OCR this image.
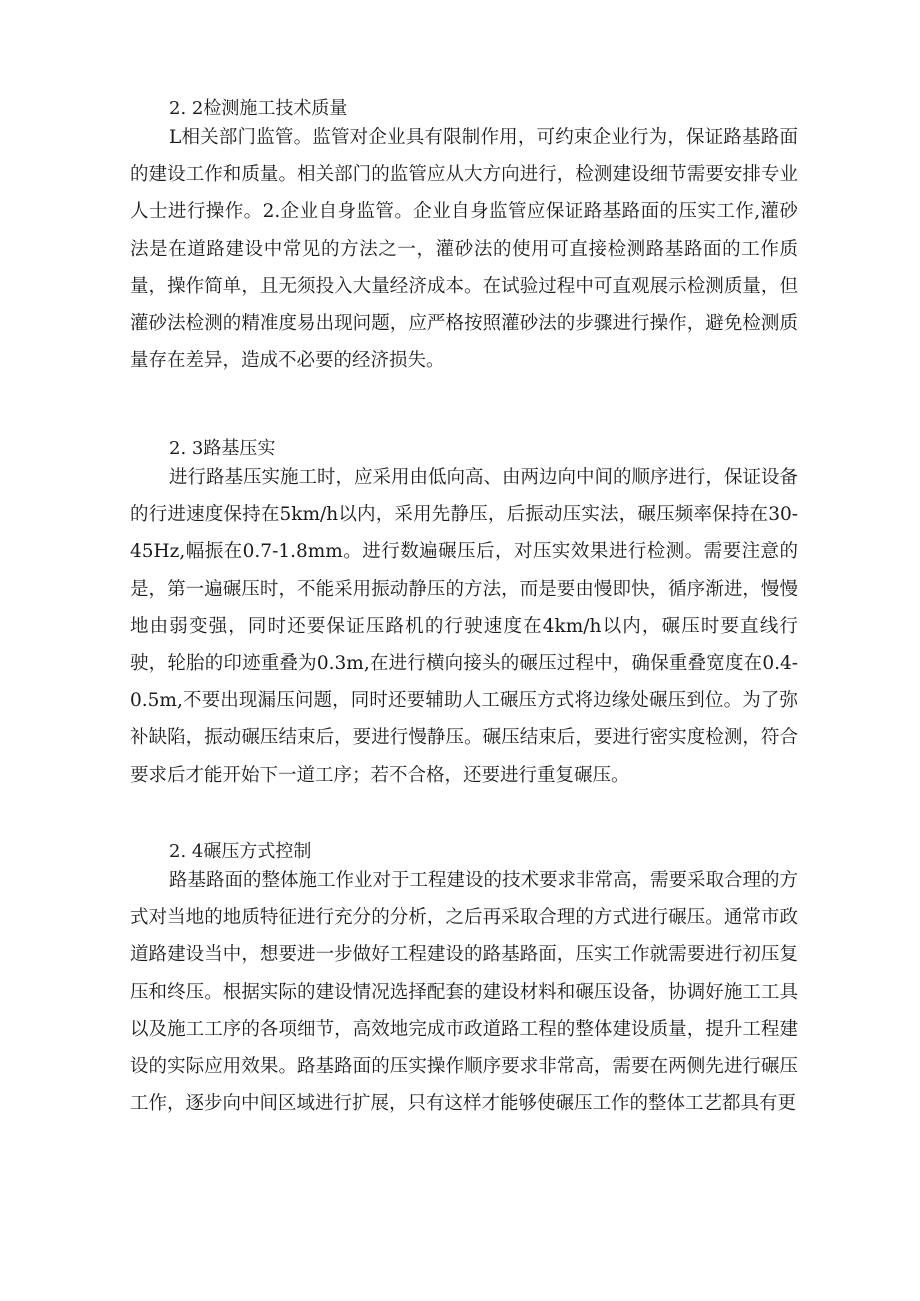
2. 2检测施工技术质量
L相关部门监管。监管对企业具有限制作用，可约束企业行为，保证路基路面的建设工作和质量。相关部门的监管应从大方向进行，检测建设细节需要安排专业人士进行操作。2.企业自身监管。企业自身监管应保证路基路面的压实工作,灌砂法是在道路建设中常见的方法之一，灌砂法的使用可直接检测路基路面的工作质量，操作简单，且无须投入大量经济成本。在试验过程中可直观展示检测质量，但灌砂法检测的精准度易出现问题，应严格按照灌砂法的步骤进行操作，避免检测质量存在差异，造成不必要的经济损失。
2. 3路基压实
进行路基压实施工时，应采用由低向高、由两边向中间的顺序进行，保证设备的行进速度保持在5km/h以内，采用先静压，后振动压实法，碾压频率保持在30-45Hz,幅振在0.7-1.8mm。进行数遍碾压后，对压实效果进行检测。需要注意的是，第一遍碾压时，不能采用振动静压的方法，而是要由慢即快，循序渐进，慢慢地由弱变强，同时还要保证压路机的行驶速度在4km/h以内，碾压时要直线行驶，轮胎的印迹重叠为0.3m,在进行横向接头的碾压过程中，确保重叠宽度在0.4-0.5m,不要出现漏压问题，同时还要辅助人工碾压方式将边缘处碾压到位。为了弥补缺陷，振动碾压结束后，要进行慢静压。碾压结束后，要进行密实度检测，符合要求后才能开始下一道工序；若不合格，还要进行重复碾压。
2. 4碾压方式控制
路基路面的整体施工作业对于工程建设的技术要求非常高，需要采取合理的方式对当地的地质特征进行充分的分析，之后再采取合理的方式进行碾压。通常市政道路建设当中，想要进一步做好工程建设的路基路面，压实工作就需要进行初压复压和终压。根据实际的建设情况选择配套的建设材料和碾压设备，协调好施工工具以及施工工序的各项细节，高效地完成市政道路工程的整体建设质量，提升工程建设的实际应用效果。路基路面的压实操作顺序要求非常高，需要在两侧先进行碾压工作，逐步向中间区域进行扩展，只有这样才能够使碾压工作的整体工艺都具有更
